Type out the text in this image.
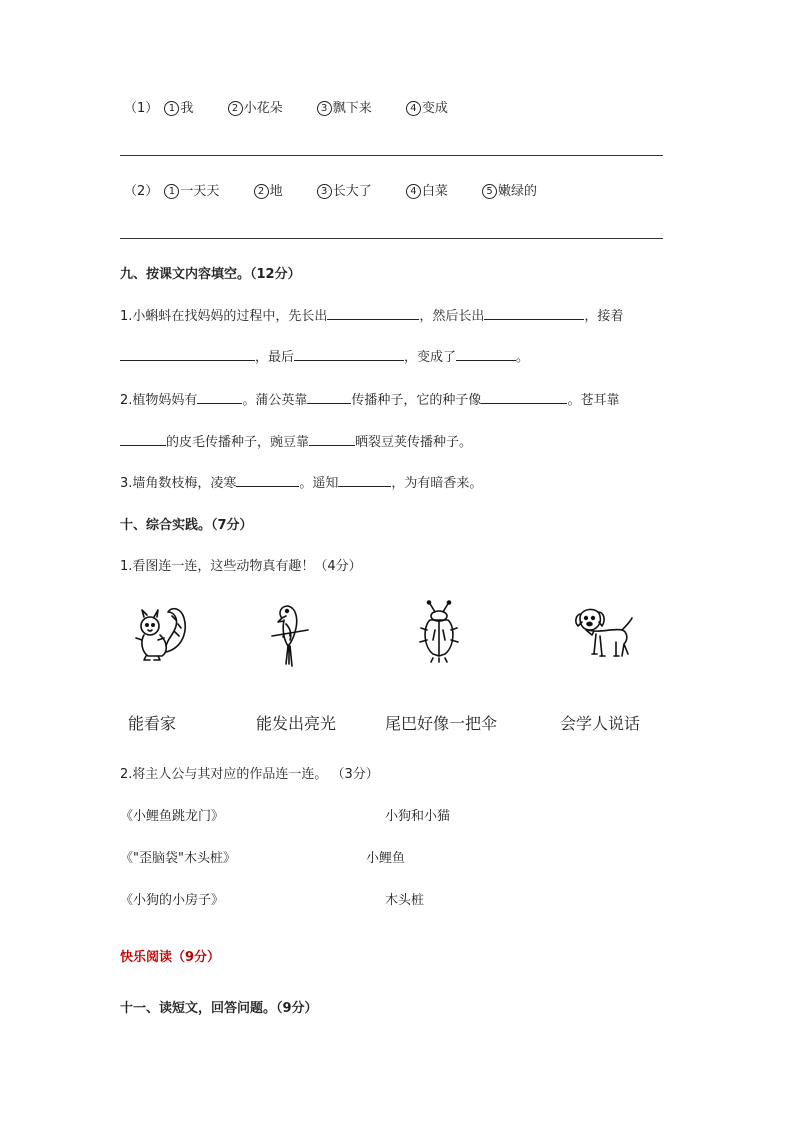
（1） 1 我	2 小花朵	3 飘下来	4 变成
（2） 1 一天天	2 地	3 长大了	4 白菜	5 嫩绿的
九、按课文内容填空。（12分）
1.小蝌蚪在找妈妈的过程中，先长出	，然后长出	，接着
，最后	，变成了	。
2.植物妈妈有	。蒲公英靠	传播种子，它的种子像	。苍耳靠
的皮毛传播种子，豌豆靠	晒裂豆荚传播种子。
3.墙角数枝梅，凌寒	。遥知	，为有暗香来。
十、综合实践。（7分）
1.看图连一连，这些动物真有趣！（4分）
能看家	能发出亮光	尾巴好像一把伞	会学人说话
2.将主人公与其对应的作品连一连。 （3分）
《小鲤鱼跳龙门》	小狗和小猫
《"歪脑袋"木头桩》	小鲤鱼
《小狗的小房子》	木头桩
快乐阅读（9分）
十一、读短文，回答问题。（9分）
